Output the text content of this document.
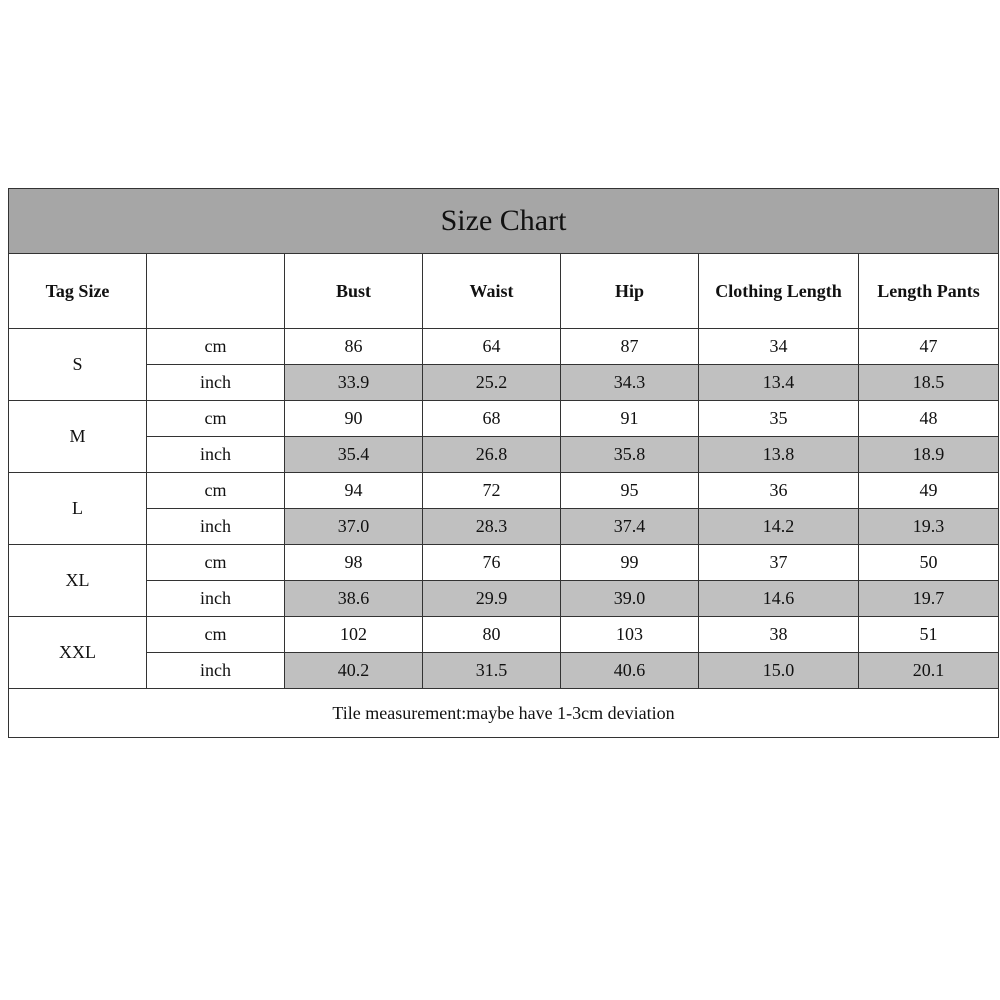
Size Chart						
Tag Size		Bust	Waist	Hip	Clothing Length	Length Pants
S	cm	86	64	87	34	47
	inch	33.9	25.2	34.3	13.4	18.5
M	cm	90	68	91	35	48
	inch	35.4	26.8	35.8	13.8	18.9
L	cm	94	72	95	36	49
	inch	37.0	28.3	37.4	14.2	19.3
XL	cm	98	76	99	37	50
	inch	38.6	29.9	39.0	14.6	19.7
XXL	cm	102	80	103	38	51
	inch	40.2	31.5	40.6	15.0	20.1
Tile measurement:maybe have 1-3cm deviation						
